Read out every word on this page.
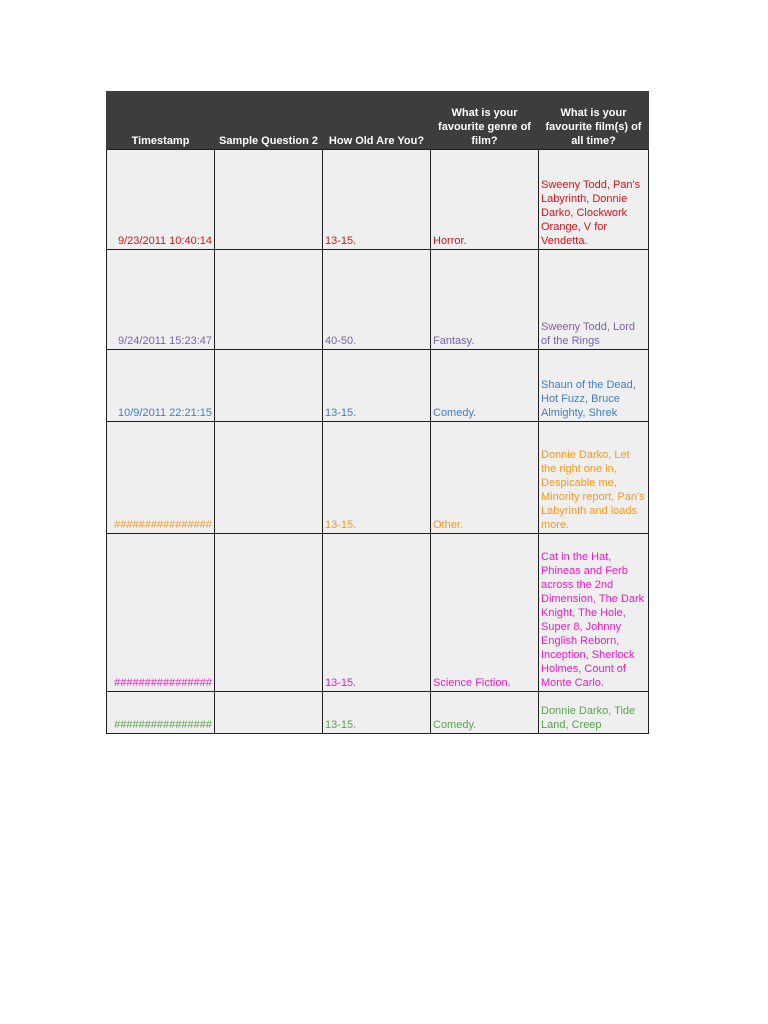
Timestamp	Sample Question 2	How Old Are You?	What is your favourite genre of film?	What is your favourite film(s) of all time?
9/23/2011 10:40:14		13-15.	Horror.	Sweeny Todd, Pan's Labyrinth, Donnie Darko, Clockwork Orange, V for Vendetta.
9/24/2011 15:23:47		40-50.	Fantasy.	Sweeny Todd, Lord of the Rings
10/9/2011 22:21:15		13-15.	Comedy.	Shaun of the Dead, Hot Fuzz, Bruce Almighty, Shrek
################		13-15.	Other.	Donnie Darko, Let the right one in, Despicable me, Minority report, Pan's Labyrinth and loads more.
################		13-15.	Science Fiction.	Cat in the Hat, Phineas and Ferb across the 2nd Dimension, The Dark Knight, The Hole, Super 8, Johnny English Reborn, Inception, Sherlock Holmes, Count of Monte Carlo.
################		13-15.	Comedy.	Donnie Darko, Tide Land, Creep
